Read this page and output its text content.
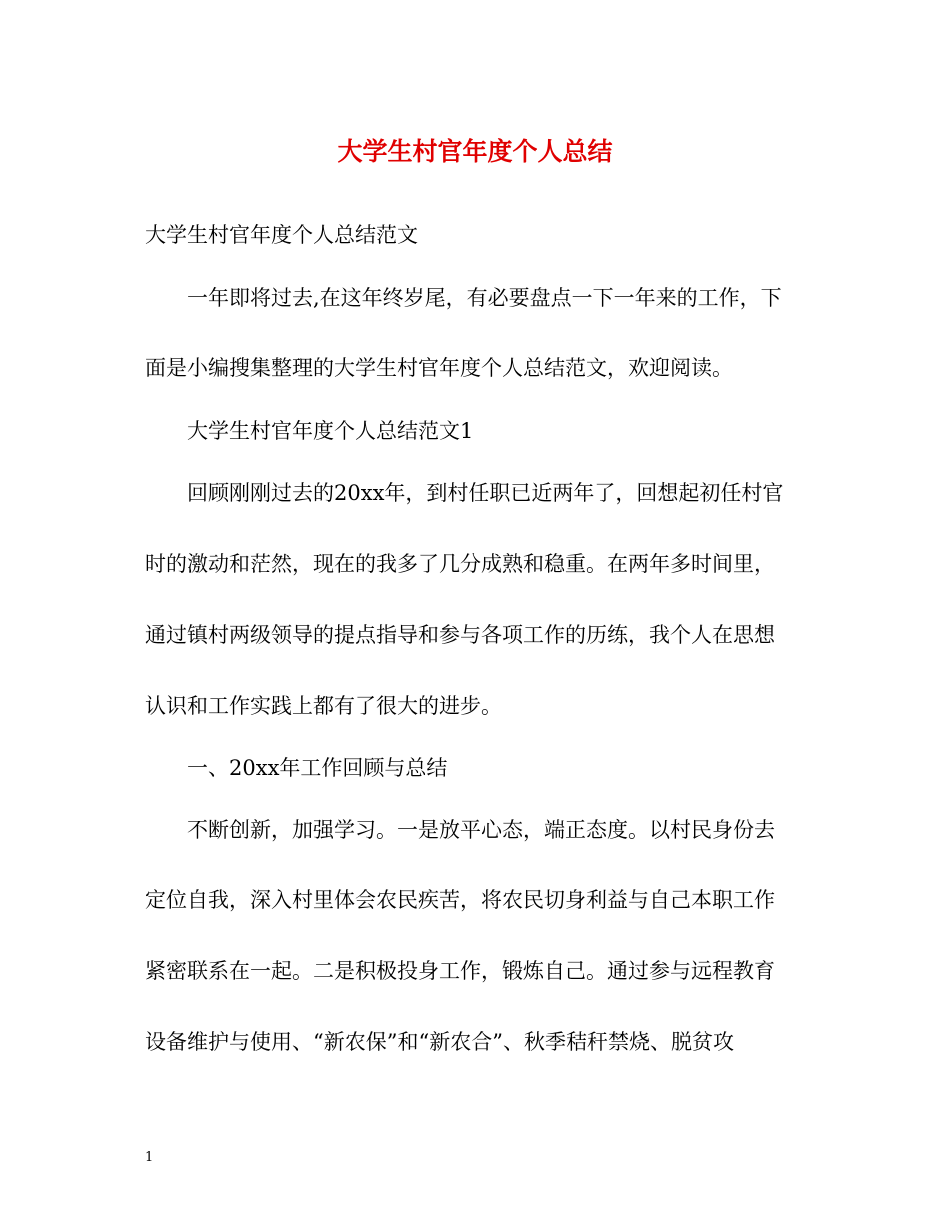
大学生村官年度个人总结
大学生村官年度个人总结范文
一年即将过去,在这年终岁尾，有必要盘点一下一年来的工作，下
面是小编搜集整理的大学生村官年度个人总结范文，欢迎阅读。
大学生村官年度个人总结范文1
回顾刚刚过去的20xx年，到村任职已近两年了，回想起初任村官
时的激动和茫然，现在的我多了几分成熟和稳重。在两年多时间里，
通过镇村两级领导的提点指导和参与各项工作的历练，我个人在思想
认识和工作实践上都有了很大的进步。
一、20xx年工作回顾与总结
不断创新，加强学习。一是放平心态，端正态度。以村民身份去
定位自我，深入村里体会农民疾苦，将农民切身利益与自己本职工作
紧密联系在一起。二是积极投身工作，锻炼自己。通过参与远程教育
设备维护与使用、“新农保”和“新农合”、秋季秸秆禁烧、脱贫攻
1
